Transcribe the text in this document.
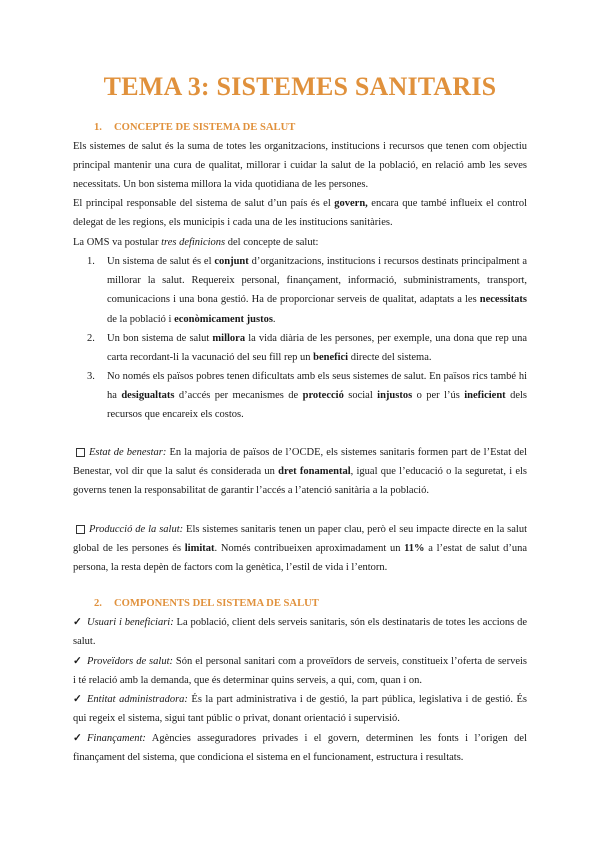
TEMA 3: SISTEMES SANITARIS
1. CONCEPTE DE SISTEMA DE SALUT
Els sistemes de salut és la suma de totes les organitzacions, institucions i recursos que tenen com objectiu principal mantenir una cura de qualitat, millorar i cuidar la salut de la població, en relació amb les seves necessitats. Un bon sistema millora la vida quotidiana de les persones.
El principal responsable del sistema de salut d’un país és el govern, encara que també influeix el control delegat de les regions, els municipis i cada una de les institucions sanitàries.
La OMS va postular tres definicions del concepte de salut:
1. Un sistema de salut és el conjunt d’organitzacions, institucions i recursos destinats principalment a millorar la salut. Requereix personal, finançament, informació, subministraments, transport, comunicacions i una bona gestió. Ha de proporcionar serveis de qualitat, adaptats a les necessitats de la població i econòmicament justos.
2. Un bon sistema de salut millora la vida diària de les persones, per exemple, una dona que rep una carta recordant-li la vacunació del seu fill rep un benefici directe del sistema.
3. No només els països pobres tenen dificultats amb els seus sistemes de salut. En països rics també hi ha desigualtats d’accés per mecanismes de protecció social injustos o per l’ús ineficient dels recursos que encareix els costos.
Estat de benestar: En la majoria de països de l’OCDE, els sistemes sanitaris formen part de l’Estat del Benestar, vol dir que la salut és considerada un dret fonamental, igual que l’educació o la seguretat, i els governs tenen la responsabilitat de garantir l’accés a l’atenció sanitària a la població.
Producció de la salut: Els sistemes sanitaris tenen un paper clau, però el seu impacte directe en la salut global de les persones és limitat. Només contribueixen aproximadament un 11% a l’estat de salut d’una persona, la resta depèn de factors com la genètica, l’estil de vida i l’entorn.
2. COMPONENTS DEL SISTEMA DE SALUT
✓ Usuari i beneficiari: La població, client dels serveis sanitaris, són els destinataris de totes les accions de salut.
✓ Proveïdors de salut: Són el personal sanitari com a proveïdors de serveis, constitueix l’oferta de serveis i té relació amb la demanda, que és determinar quins serveis, a qui, com, quan i on.
✓ Entitat administradora: És la part administrativa i de gestió, la part pública, legislativa i de gestió. És qui regeix el sistema, sigui tant públic o privat, donant orientació i supervisió.
✓ Finançament: Agències asseguradores privades i el govern, determinen les fonts i l’origen del finançament del sistema, que condiciona el sistema en el funcionament, estructura i resultats.
